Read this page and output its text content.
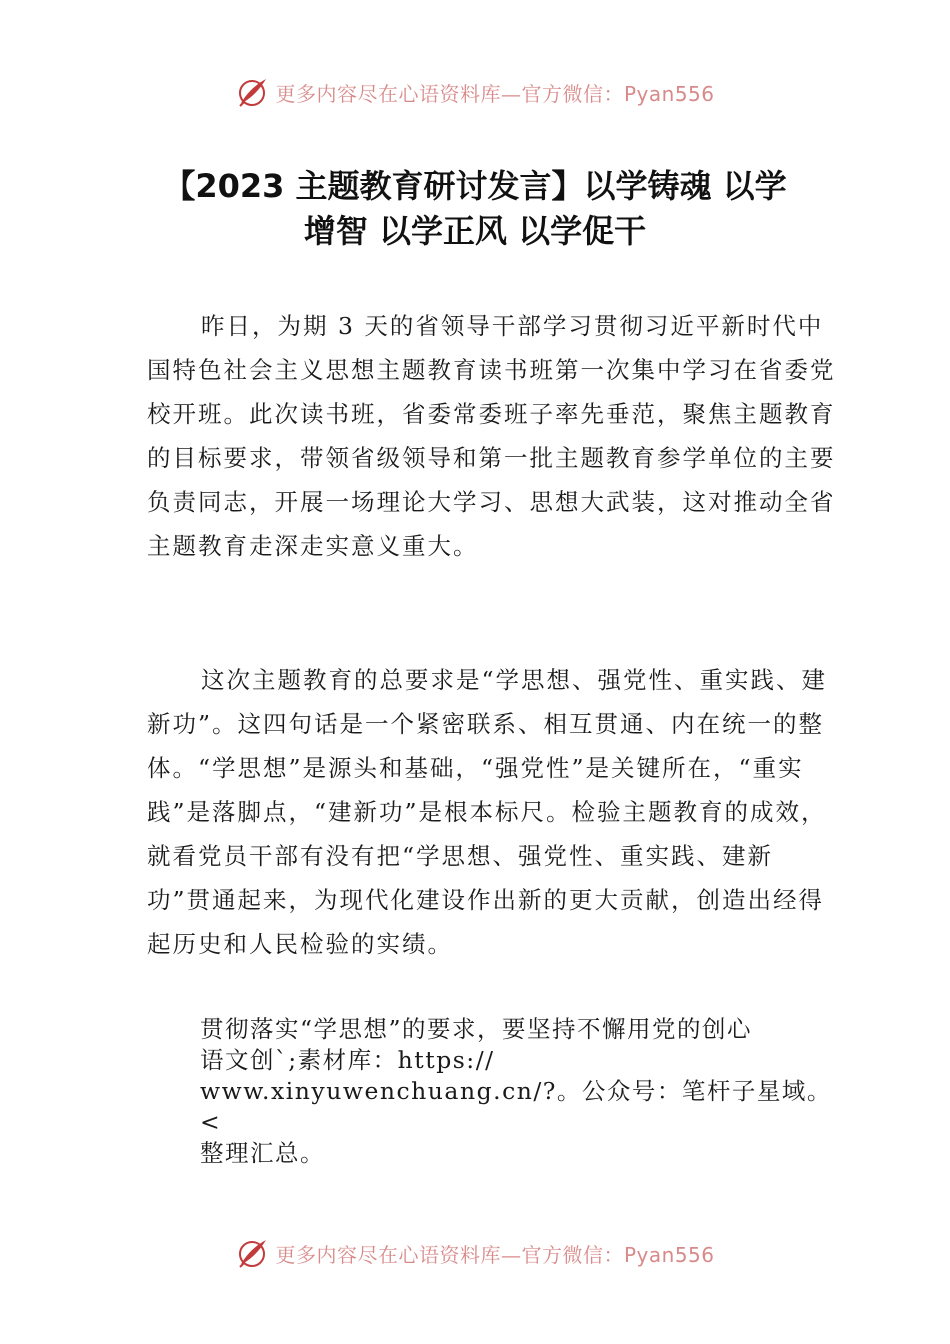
更多内容尽在心语资料库—官方微信：Pyan556
【2023 主题教育研讨发言】以学铸魂 以学
增智 以学正风 以学促干

昨日，为期 3 天的省领导干部学习贯彻习近平新时代中国特色社会主义思想主题教育读书班第一次集中学习在省委党校开班。此次读书班，省委常委班子率先垂范，聚焦主题教育的目标要求，带领省级领导和第一批主题教育参学单位的主要负责同志，开展一场理论大学习、思想大武装，这对推动全省主题教育走深走实意义重大。

这次主题教育的总要求是“学思想、强党性、重实践、建新功”。这四句话是一个紧密联系、相互贯通、内在统一的整体。“学思想”是源头和基础，“强党性”是关键所在，“重实践”是落脚点，“建新功”是根本标尺。检验主题教育的成效，就看党员干部有没有把“学思想、强党性、重实践、建新功”贯通起来，为现代化建设作出新的更大贡献，创造出经得起历史和人民检验的实绩。

贯彻落实“学思想”的要求，要坚持不懈用党的创心
语文创`;素材库：https://
www.xinyuwenchuang.cn/?。公众号：笔杆子星域。<
整理汇总。
更多内容尽在心语资料库—官方微信：Pyan556
